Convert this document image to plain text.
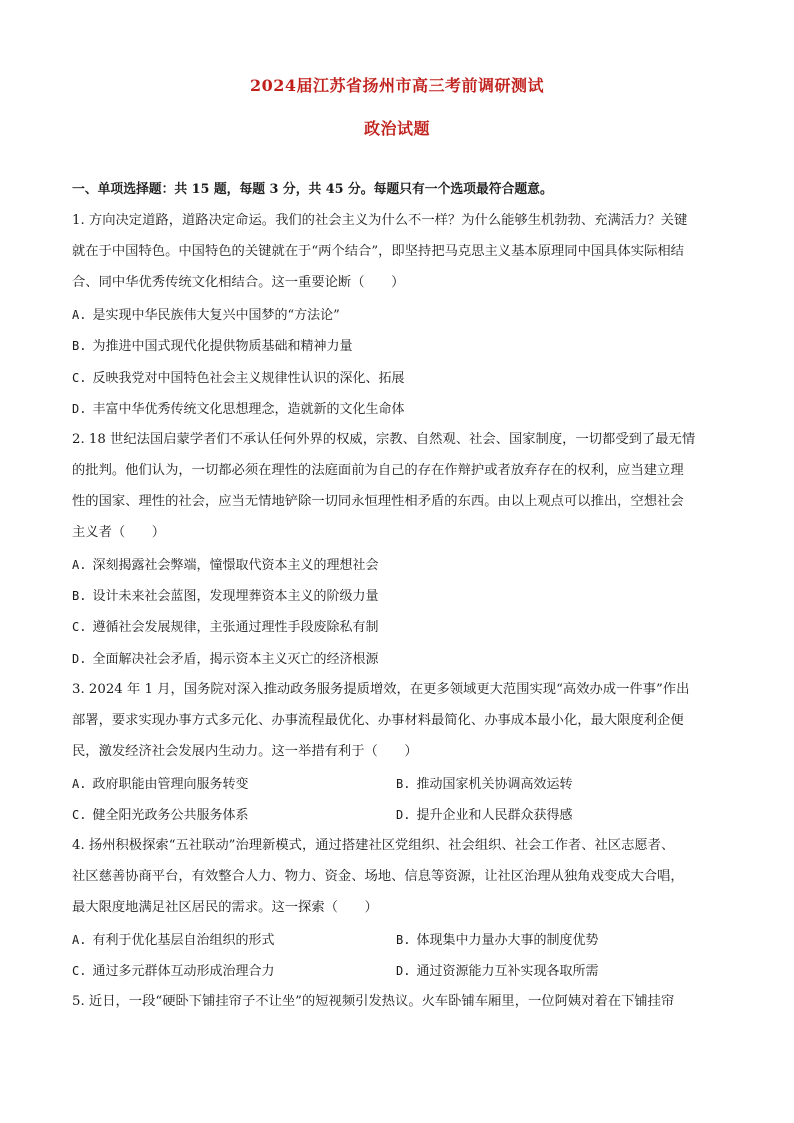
2024届江苏省扬州市高三考前调研测试
政治试题
一、单项选择题：共 15 题，每题 3 分，共 45 分。每题只有一个选项最符合题意。
1. 方向决定道路，道路决定命运。我们的社会主义为什么不一样？为什么能够生机勃勃、充满活力？关键
就在于中国特色。中国特色的关键就在于“两个结合”，即坚持把马克思主义基本原理同中国具体实际相结
合、同中华优秀传统文化相结合。这一重要论断（　　）
A. 是实现中华民族伟大复兴中国梦的“方法论”
B. 为推进中国式现代化提供物质基础和精神力量
C. 反映我党对中国特色社会主义规律性认识的深化、拓展
D. 丰富中华优秀传统文化思想理念，造就新的文化生命体
2. 18 世纪法国启蒙学者们不承认任何外界的权威，宗教、自然观、社会、国家制度，一切都受到了最无情
的批判。他们认为，一切都必须在理性的法庭面前为自己的存在作辩护或者放弃存在的权利，应当建立理
性的国家、理性的社会，应当无情地铲除一切同永恒理性相矛盾的东西。由以上观点可以推出，空想社会
主义者（　　）
A. 深刻揭露社会弊端，憧憬取代资本主义的理想社会
B. 设计未来社会蓝图，发现埋葬资本主义的阶级力量
C. 遵循社会发展规律，主张通过理性手段废除私有制
D. 全面解决社会矛盾，揭示资本主义灭亡的经济根源
3. 2024 年 1 月，国务院对深入推动政务服务提质增效，在更多领域更大范围实现“高效办成一件事”作出
部署，要求实现办事方式多元化、办事流程最优化、办事材料最简化、办事成本最小化，最大限度利企便
民，激发经济社会发展内生动力。这一举措有利于（　　）
A. 政府职能由管理向服务转变	B. 推动国家机关协调高效运转
C. 健全阳光政务公共服务体系	D. 提升企业和人民群众获得感
4. 扬州积极探索“五社联动”治理新模式，通过搭建社区党组织、社会组织、社会工作者、社区志愿者、
社区慈善协商平台，有效整合人力、物力、资金、场地、信息等资源，让社区治理从独角戏变成大合唱，
最大限度地满足社区居民的需求。这一探索（　　）
A. 有利于优化基层自治组织的形式	B. 体现集中力量办大事的制度优势
C. 通过多元群体互动形成治理合力	D. 通过资源能力互补实现各取所需
5. 近日，一段“硬卧下铺挂帘子不让坐”的短视频引发热议。火车卧铺车厢里，一位阿姨对着在下铺挂帘
